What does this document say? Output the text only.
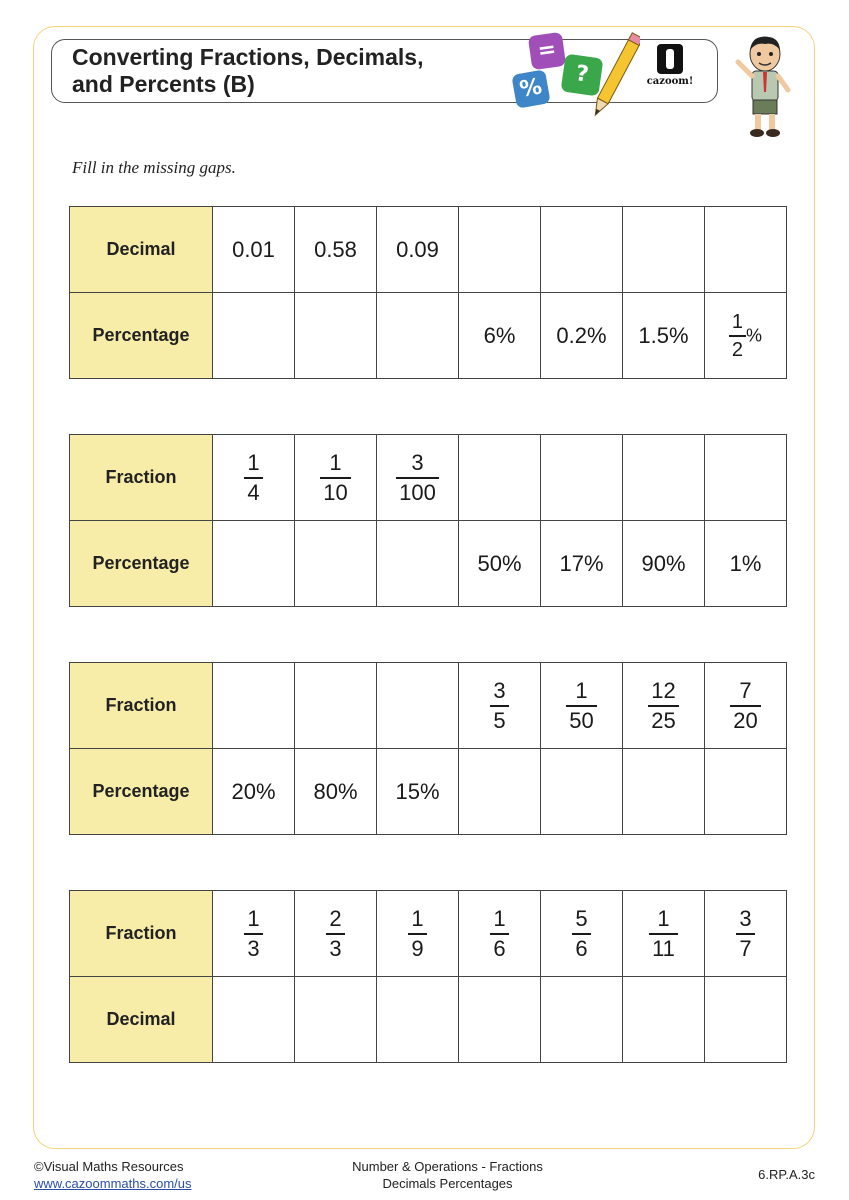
Converting Fractions, Decimals,
and Percents (B)
=
%	?	cazoom!
Fill in the missing gaps.
Decimal	0.01	0.58	0.09				
Percentage				6%	0.2%	1.5%	$\frac{1}{2}$ %
Fraction	$\frac{1}{4}$	$\frac{1}{10}$	$\frac{3}{100}$

Percentage				50%	17%	90%	1%
Fraction				$\frac{3}{5}$	$\frac{1}{50}$	$\frac{12}{25}$	$\frac{7}{20}$

Percentage	20%	80%	15%				
Fraction	$\frac{1}{3}$	$\frac{2}{3}$	$\frac{1}{9}$	$\frac{1}{6}$	$\frac{5}{6}$	$\frac{1}{11}$	$\frac{3}{7}$

Decimal							
©Visual Maths Resources
www.cazoommaths.com/us
Number & Operations - Fractions
Decimals Percentages
6.RP.A.3c
